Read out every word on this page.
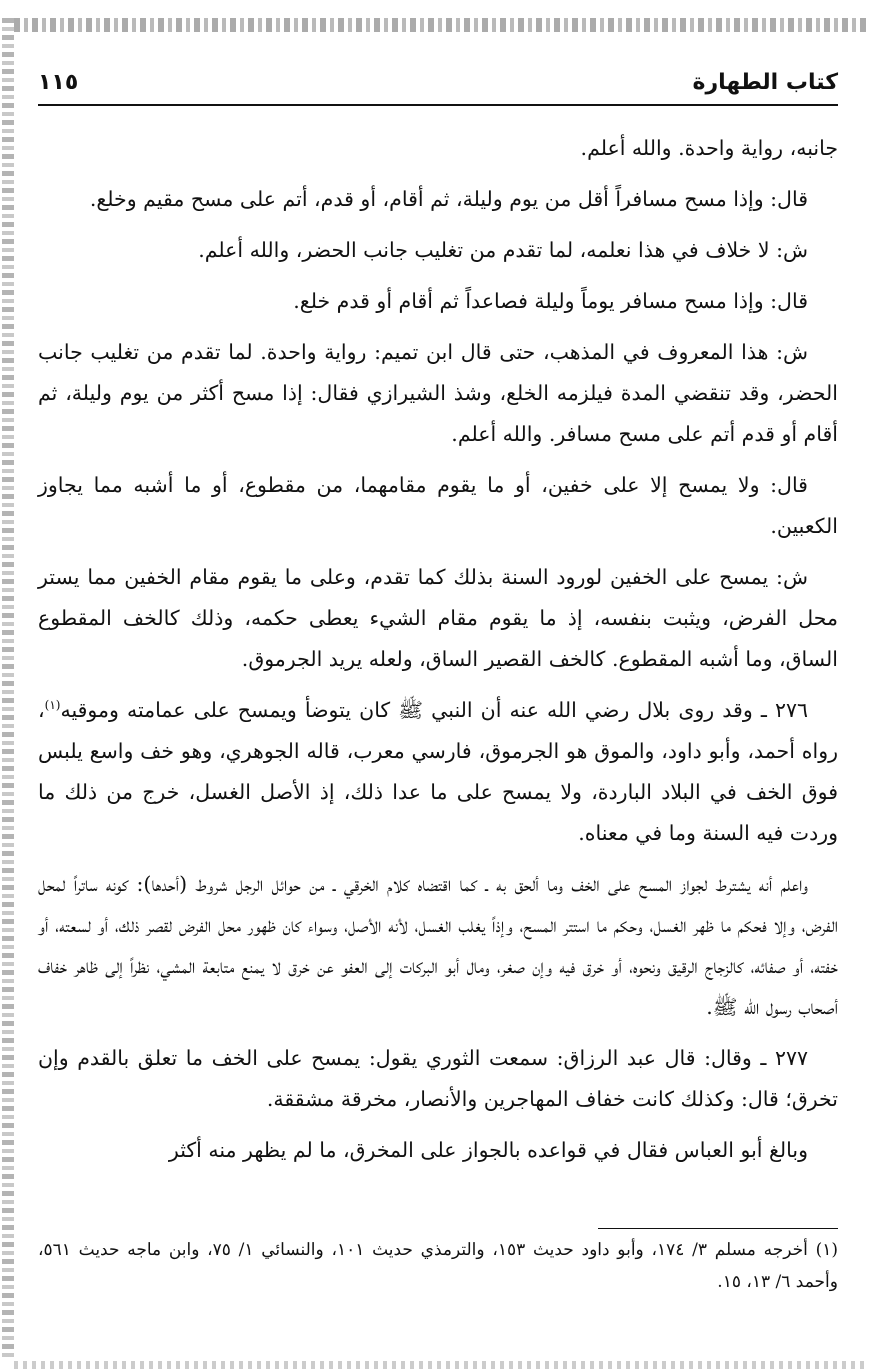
كتاب الطهارة
١١٥

جانبه، رواية واحدة. والله أعلم.

قال: وإذا مسح مسافراً أقل من يوم وليلة، ثم أقام، أو قدم، أتم على مسح مقيم وخلع.

ش: لا خلاف في هذا نعلمه، لما تقدم من تغليب جانب الحضر، والله أعلم.

قال: وإذا مسح مسافر يوماً وليلة فصاعداً ثم أقام أو قدم خلع.

ش: هذا المعروف في المذهب، حتى قال ابن تميم: رواية واحدة. لما تقدم من تغليب جانب الحضر، وقد تنقضي المدة فيلزمه الخلع، وشذ الشيرازي فقال: إذا مسح أكثر من يوم وليلة، ثم أقام أو قدم أتم على مسح مسافر. والله أعلم.

قال: ولا يمسح إلا على خفين، أو ما يقوم مقامهما، من مقطوع، أو ما أشبه مما يجاوز الكعبين.

ش: يمسح على الخفين لورود السنة بذلك كما تقدم، وعلى ما يقوم مقام الخفين مما يستر محل الفرض، ويثبت بنفسه، إذ ما يقوم مقام الشيء يعطى حكمه، وذلك كالخف المقطوع الساق، وما أشبه المقطوع. كالخف القصير الساق، ولعله يريد الجرموق.

٢٧٦ ـ وقد روى بلال رضي الله عنه أن النبي ﷺ كان يتوضأ ويمسح على عمامته وموقيه$^{(١)}$، رواه أحمد، وأبو داود، والموق هو الجرموق، فارسي معرب، قاله الجوهري، وهو خف واسع يلبس فوق الخف في البلاد الباردة، ولا يمسح على ما عدا ذلك، إذ الأصل الغسل، خرج من ذلك ما وردت فيه السنة وما في معناه.

واعلم أنه يشترط لجواز المسح على الخف وما ألحق به ـ كما اقتضاه كلام الخرقي ـ من حوائل الرجل شروط (أحدها): كونه ساتراً لمحل الفرض، وإلا فحكم ما ظهر الغسل، وحكم ما استتر المسح، وإذاً يغلب الغسل، لأنه الأصل، وسواء كان ظهور محل الفرض لقصر ذلك، أو لسعته، أو خفته، أو صفائه، كالزجاج الرقيق ونحوه، أو خرق فيه وإن صغر، ومال أبو البركات إلى العفو عن خرق لا يمنع متابعة المشي، نظراً إلى ظاهر خفاف أصحاب رسول الله ﷺ.

٢٧٧ ـ وقال: قال عبد الرزاق: سمعت الثوري يقول: يمسح على الخف ما تعلق بالقدم وإن تخرق؛ قال: وكذلك كانت خفاف المهاجرين والأنصار، مخرقة مشققة.

وبالغ أبو العباس فقال في قواعده بالجواز على المخرق، ما لم يظهر منه أكثر

(١) أخرجه مسلم ٣/ ١٧٤، وأبو داود حديث ١٥٣، والترمذي حديث ١٠١، والنسائي ١/ ٧٥، وابن ماجه حديث ٥٦١، وأحمد ٦/ ١٣، ١٥.
